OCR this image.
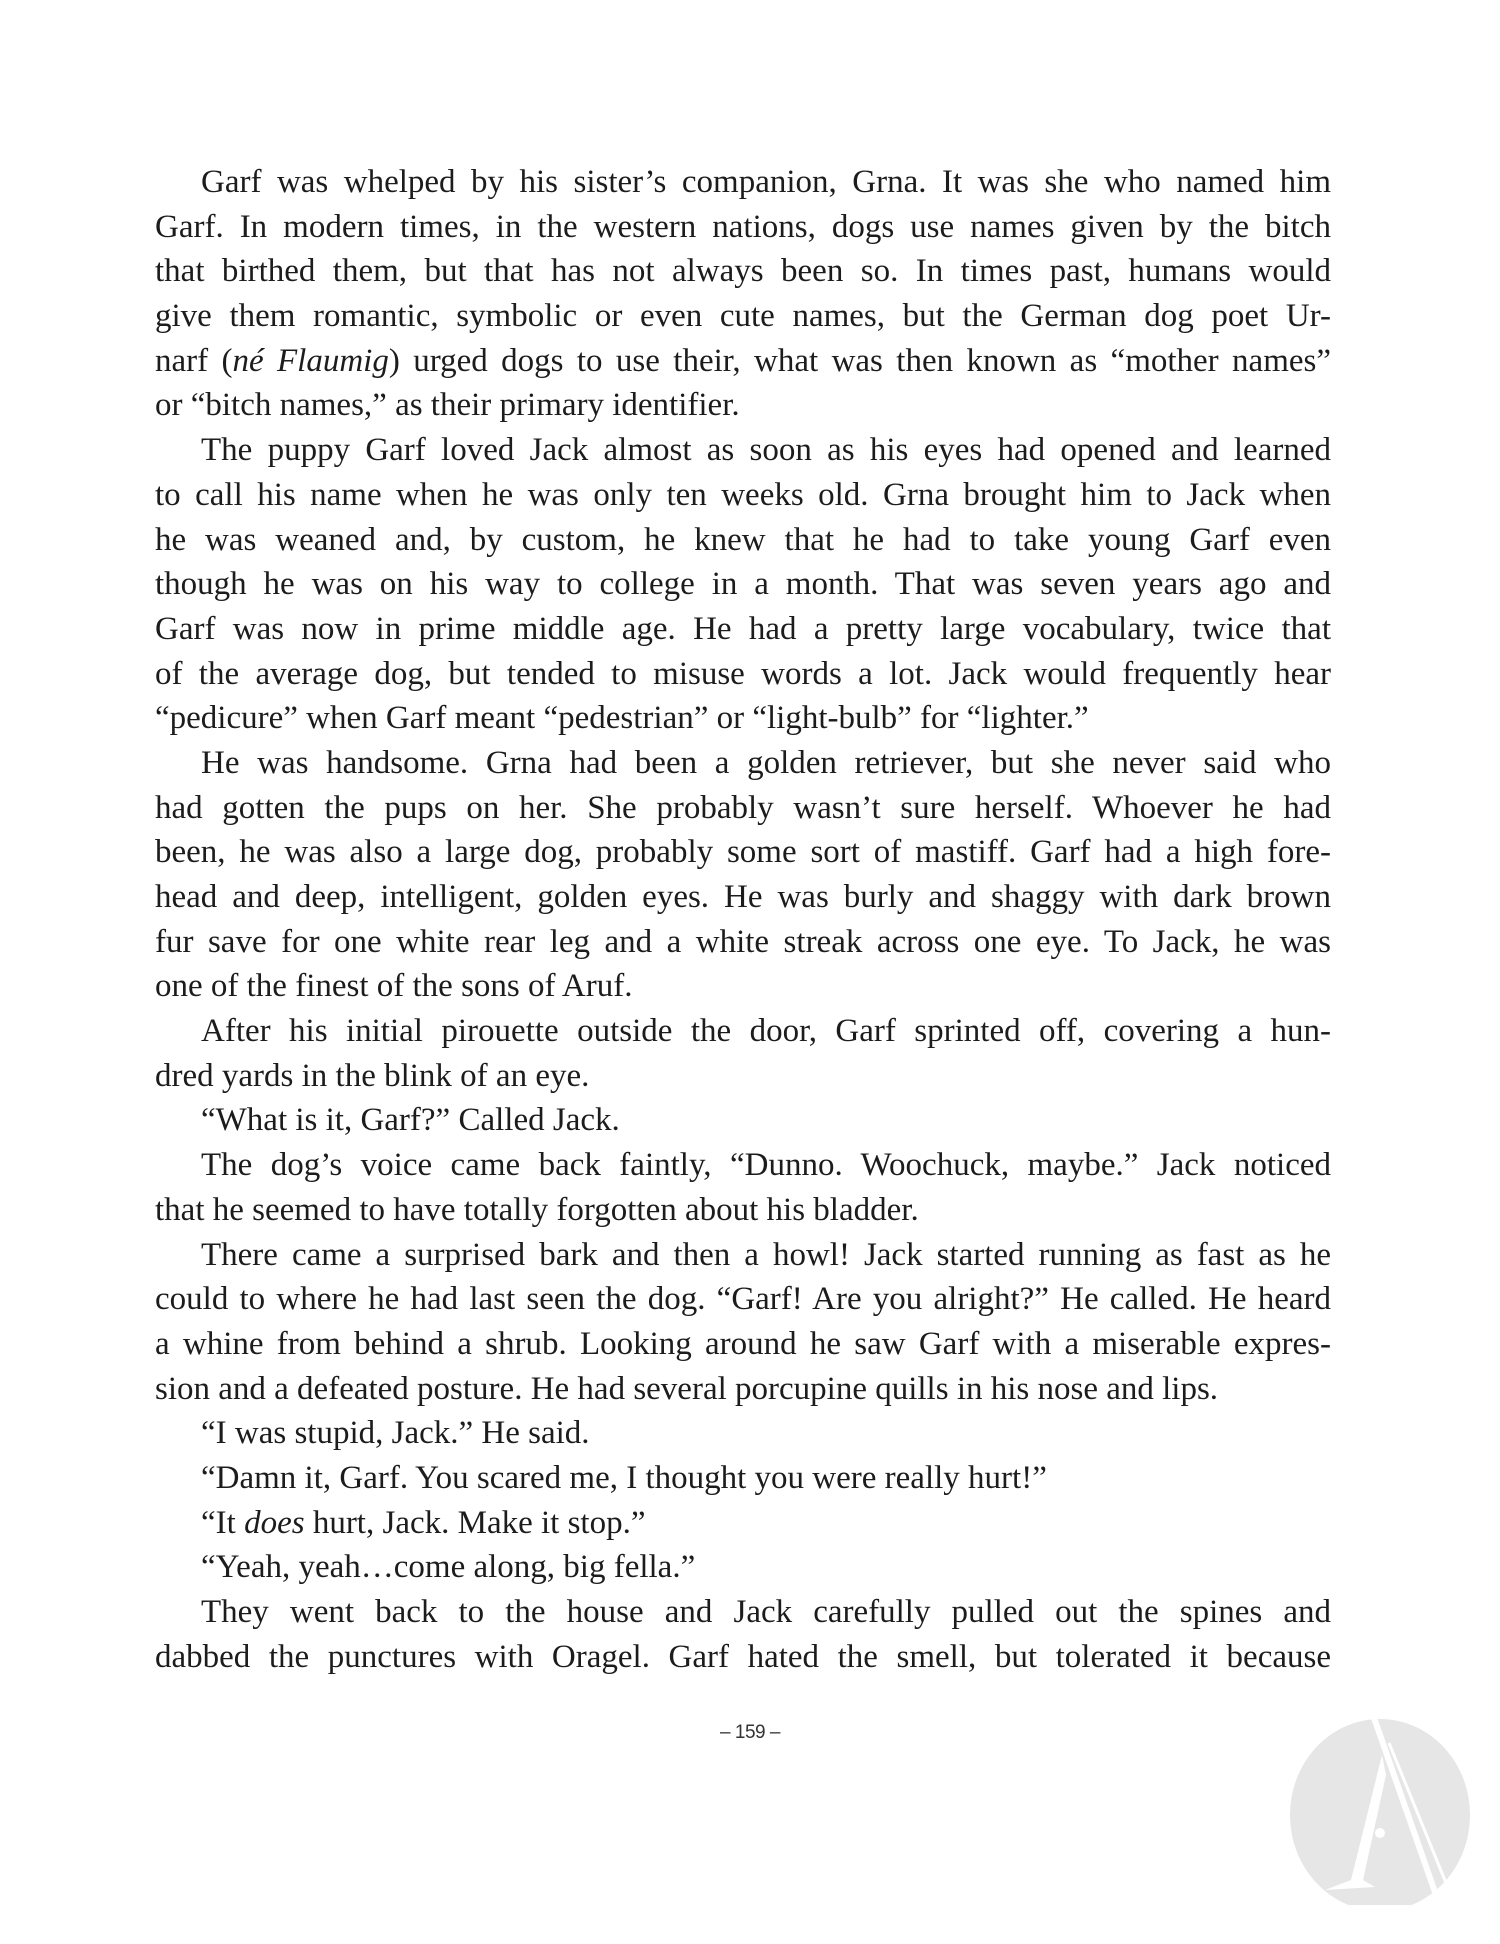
Garf was whelped by his sister’s companion, Grna. It was she who named him
Garf. In modern times, in the western nations, dogs use names given by the bitch
that birthed them, but that has not always been so. In times past, humans would
give them romantic, symbolic or even cute names, but the German dog poet Ur-
narf (né Flaumig) urged dogs to use their, what was then known as “mother names”
or “bitch names,” as their primary identifier.
The puppy Garf loved Jack almost as soon as his eyes had opened and learned
to call his name when he was only ten weeks old. Grna brought him to Jack when
he was weaned and, by custom, he knew that he had to take young Garf even
though he was on his way to college in a month. That was seven years ago and
Garf was now in prime middle age. He had a pretty large vocabulary, twice that
of the average dog, but tended to misuse words a lot. Jack would frequently hear
“pedicure” when Garf meant “pedestrian” or “light-bulb” for “lighter.”
He was handsome. Grna had been a golden retriever, but she never said who
had gotten the pups on her. She probably wasn’t sure herself. Whoever he had
been, he was also a large dog, probably some sort of mastiff. Garf had a high fore-
head and deep, intelligent, golden eyes. He was burly and shaggy with dark brown
fur save for one white rear leg and a white streak across one eye. To Jack, he was
one of the finest of the sons of Aruf.
After his initial pirouette outside the door, Garf sprinted off, covering a hun-
dred yards in the blink of an eye.
“What is it, Garf?” Called Jack.
The dog’s voice came back faintly, “Dunno. Woochuck, maybe.” Jack noticed
that he seemed to have totally forgotten about his bladder.
There came a surprised bark and then a howl! Jack started running as fast as he
could to where he had last seen the dog. “Garf! Are you alright?” He called. He heard
a whine from behind a shrub. Looking around he saw Garf with a miserable expres-
sion and a defeated posture. He had several porcupine quills in his nose and lips.
“I was stupid, Jack.” He said.
“Damn it, Garf. You scared me, I thought you were really hurt!”
“It does hurt, Jack. Make it stop.”
“Yeah, yeah…come along, big fella.”
They went back to the house and Jack carefully pulled out the spines and
dabbed the punctures with Oragel. Garf hated the smell, but tolerated it because
– 159 –
